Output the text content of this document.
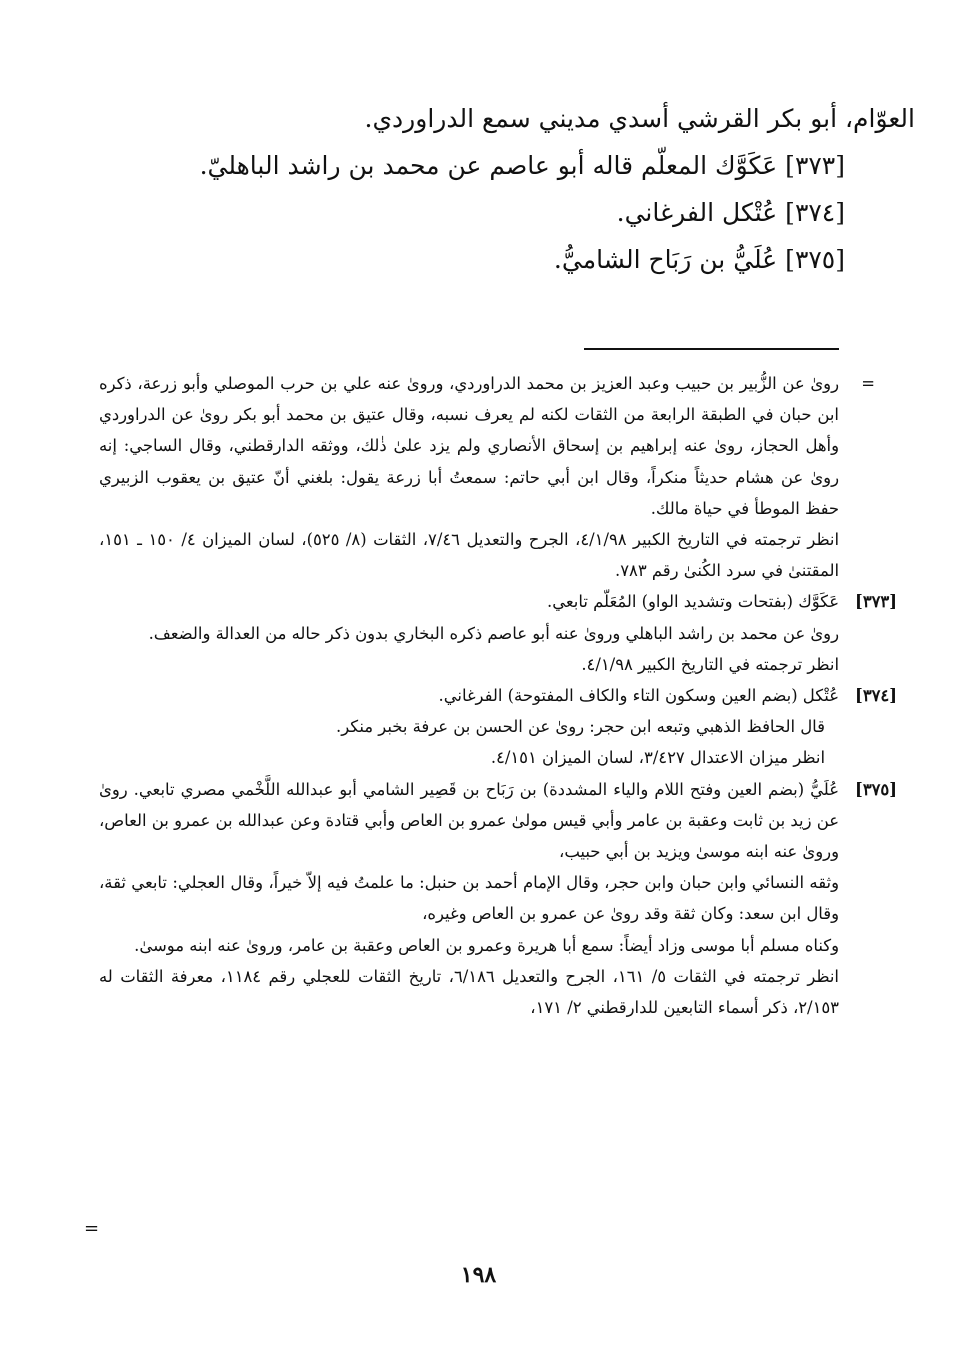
العوّام، أبو بكر القرشي أسدي مديني سمع الدراوردي.

[٣٧٣] عَكَوَّك المعلّم قاله أبو عاصم عن محمد بن راشد الباهليّ.

[٣٧٤] عُتْكل الفرغاني.

[٣٧٥] عُلَيُّ بن رَبَاح الشاميُّ.

=

روىٰ عن الزُّبير بن حبيب وعبد العزيز بن محمد الدراوردي، وروىٰ عنه علي بن حرب الموصلي وأبو زرعة، ذكره ابن حبان في الطبقة الرابعة من الثقات لكنه لم يعرف نسبه، وقال عتيق بن محمد أبو بكر روىٰ عن الدراوردي وأهل الحجاز، روىٰ عنه إبراهيم بن إسحاق الأنصاري ولم يزد علىٰ ذٰلك، ووثقه الدارقطني، وقال الساجي: إنه روىٰ عن هشام حديثاً منكراً، وقال ابن أبي حاتم: سمعتُ أبا زرعة يقول: بلغني أنّ عتيق بن يعقوب الزبيري حفظ الموطأ في حياة مالك.

انظر ترجمته في التاريخ الكبير ٤/١/٩٨، الجرح والتعديل ٧/٤٦، الثقات (٨/ ٥٢٥)، لسان الميزان ٤/ ١٥٠ ـ ١٥١، المقتنىٰ في سرد الكُنىٰ رقم ٧٨٣.

[٣٧٣]

عَكَوَّك (بفتحات وتشديد الواو) المُعَلّم تابعي.

روىٰ عن محمد بن راشد الباهلي وروىٰ عنه أبو عاصم ذكره البخاري بدون ذكر حاله من العدالة والضعف.

انظر ترجمته في التاريخ الكبير ٤/١/٩٨.

[٣٧٤]

عُتْكل (بضم العين وسكون التاء والكاف المفتوحة) الفرغاني.

قال الحافظ الذهبي وتبعه ابن حجر: روىٰ عن الحسن بن عرفة بخبر منكر.

انظر ميزان الاعتدال ٣/٤٢٧، لسان الميزان ٤/١٥١.

[٣٧٥]

عُلَيُّ (بضم العين وفتح اللام والياء المشددة) بن رَبَاح بن قَصِير الشامي أبو عبدالله اللَّخْمي مصري تابعي. روىٰ عن زيد بن ثابت وعقبة بن عامر وأبي قيس مولىٰ عمرو بن العاص وأبي قتادة وعن عبدالله بن عمرو بن العاص، وروىٰ عنه ابنه موسىٰ ويزيد بن أبي حبيب،

وثقه النسائي وابن حبان وابن حجر، وقال الإمام أحمد بن حنبل: ما علمتُ فيه إلاّ خيراً، وقال العجلي: تابعي ثقة، وقال ابن سعد: وكان ثقة وقد روىٰ عن عمرو بن العاص وغيره،

وكناه مسلم أبا موسى وزاد أيضاً: سمع أبا هريرة وعمرو بن العاص وعقبة بن عامر، وروىٰ عنه ابنه موسىٰ.

انظر ترجمته في الثقات ٥/ ١٦١، الجرح والتعديل ٦/١٨٦، تاريخ الثقات للعجلي رقم ١١٨٤، معرفة الثقات له ٢/١٥٣، ذكر أسماء التابعين للدارقطني ٢/ ١٧١،

=
١٩٨
